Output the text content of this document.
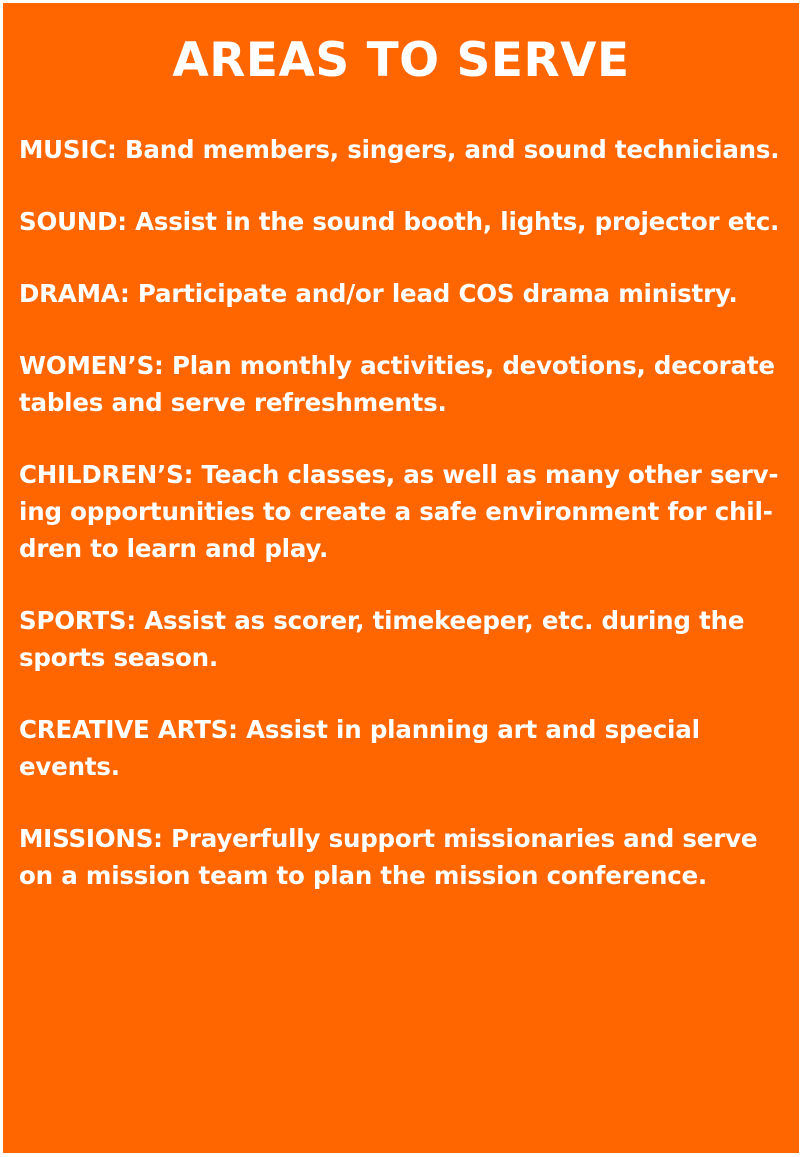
AREAS TO SERVE
MUSIC: Band members, singers, and sound technicians.
SOUND: Assist in the sound booth, lights, projector etc.
DRAMA: Participate and/or lead COS drama ministry.
WOMEN’S: Plan monthly activities, devotions, decorate tables and serve refreshments.
CHILDREN’S: Teach classes, as well as many other serv-ing opportunities to create a safe environment for chil-dren to learn and play.
SPORTS: Assist as scorer, timekeeper, etc. during the sports season.
CREATIVE ARTS: Assist in planning art and special events.
MISSIONS: Prayerfully support missionaries and serve on a mission team to plan the mission conference.
